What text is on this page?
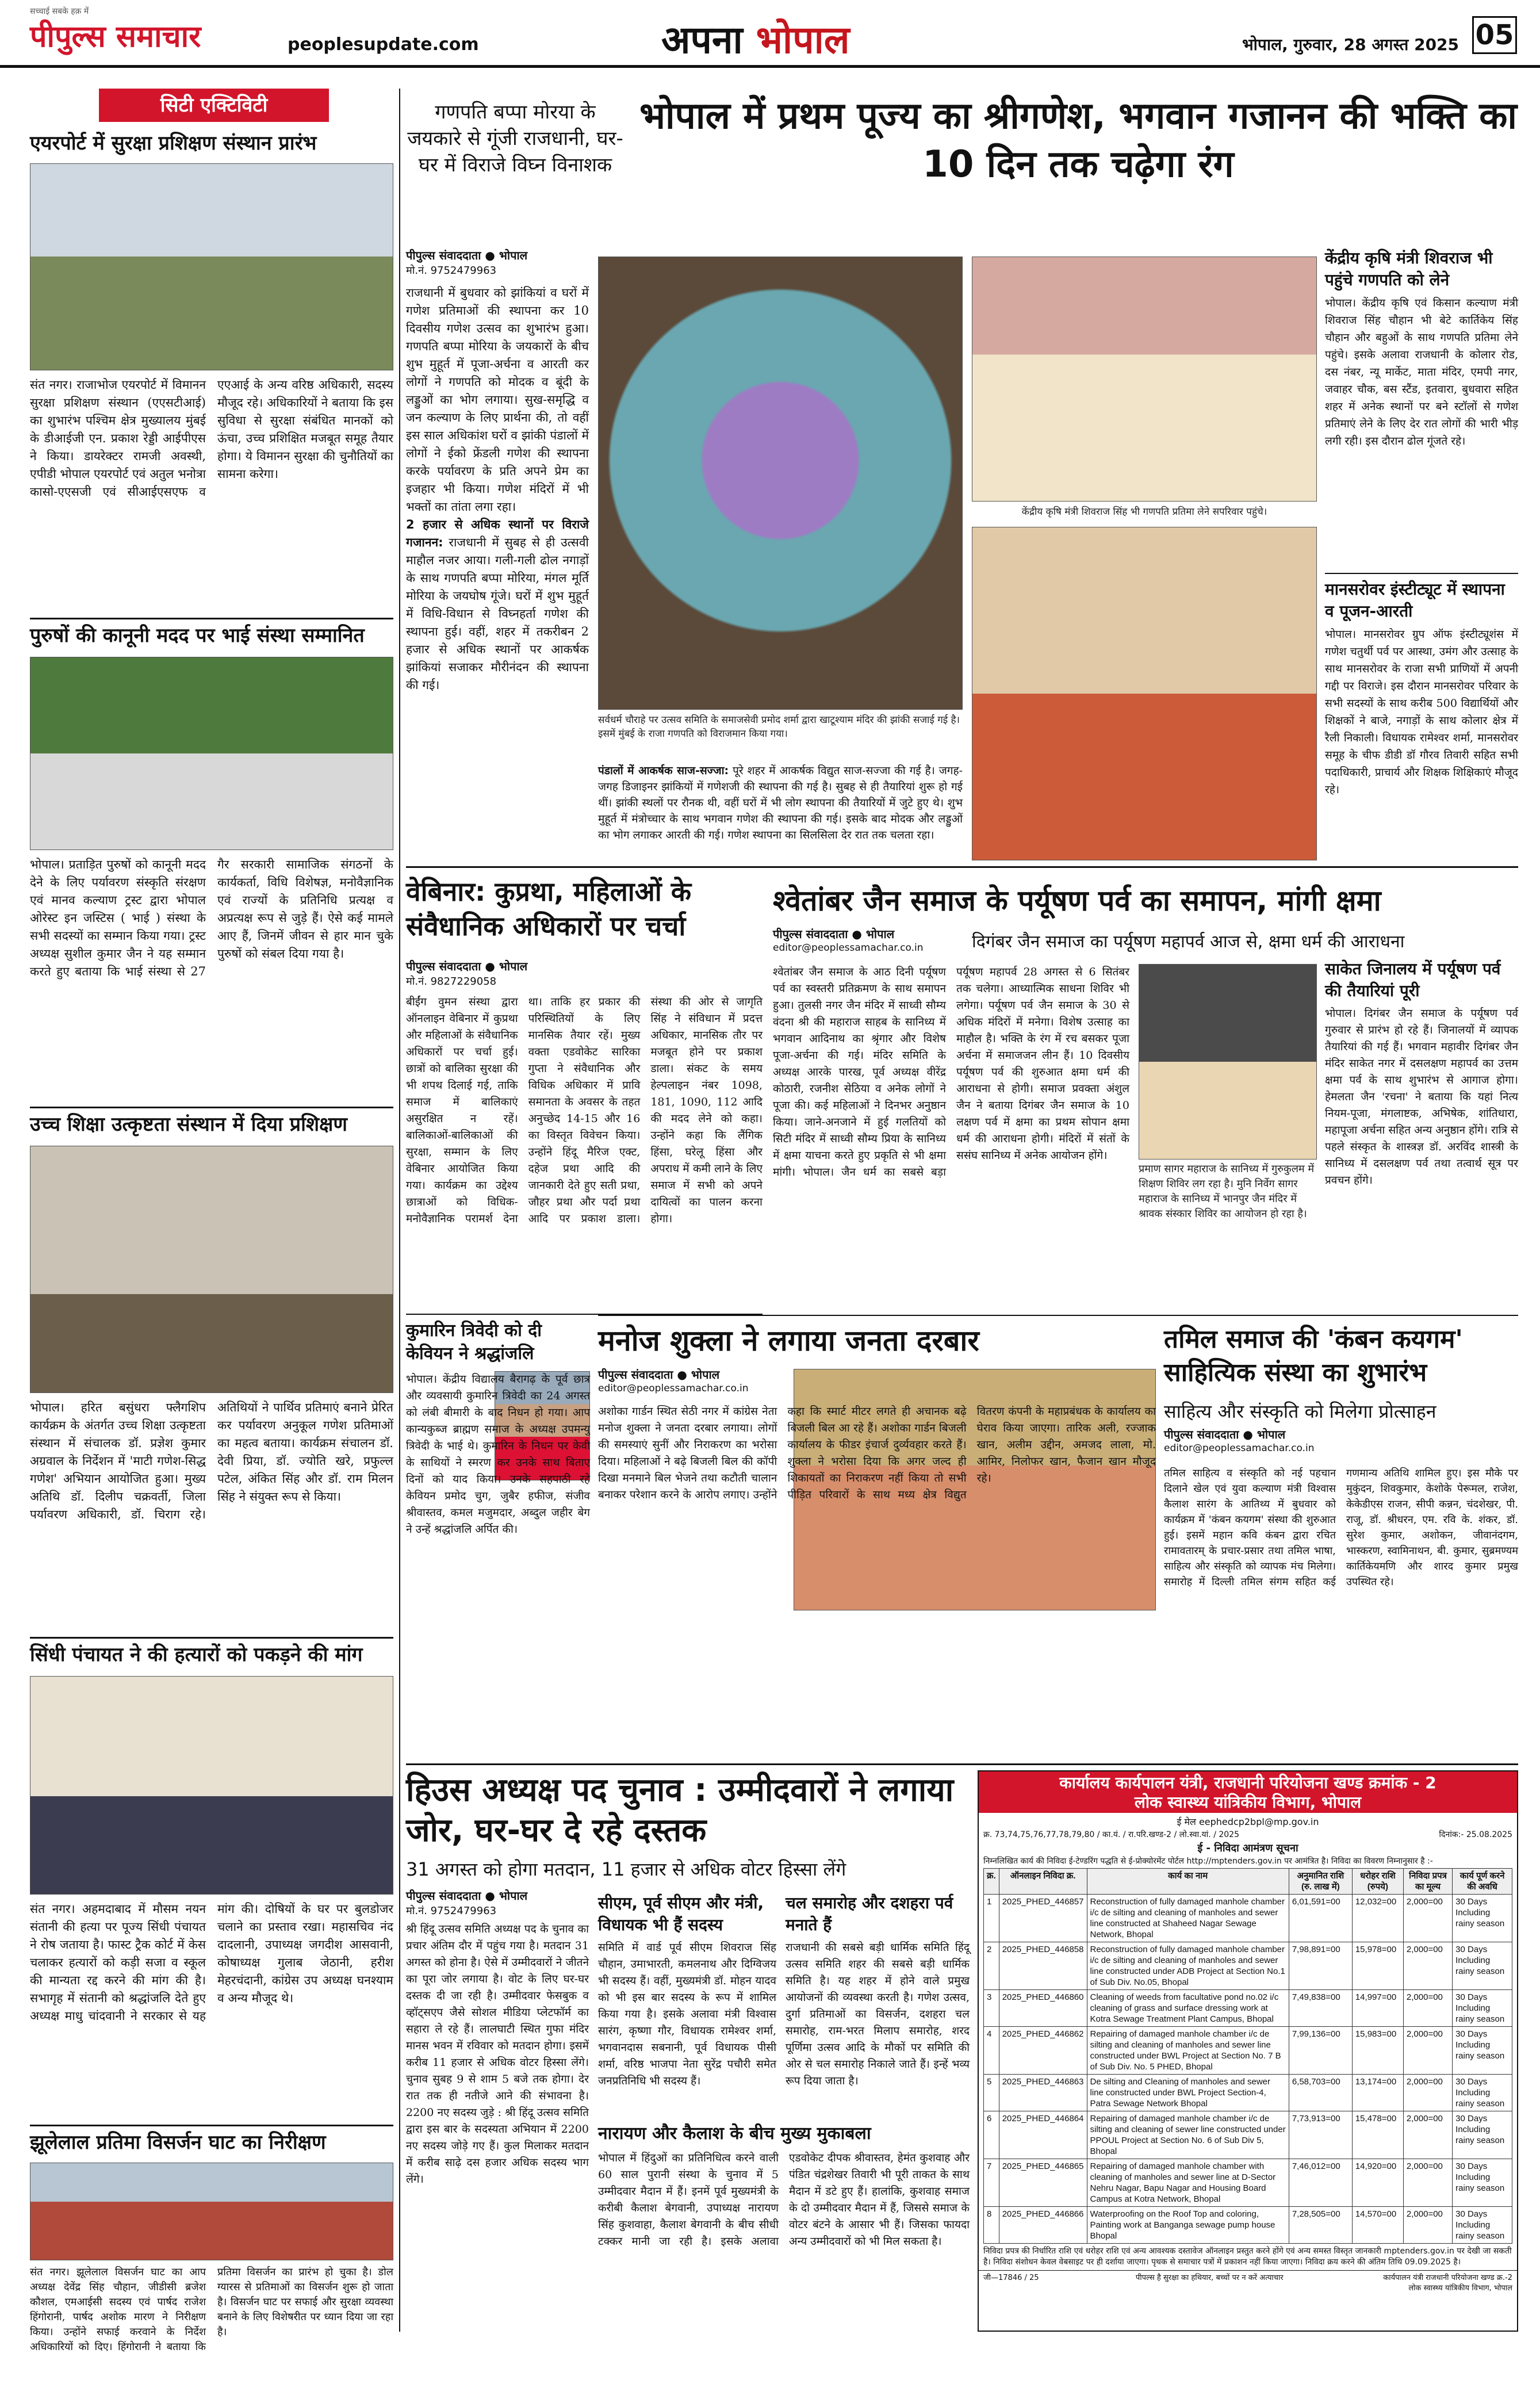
पीपुल्स समाचार
सच्चाई सबके हक़ में
peoplesupdate.com	अपना भोपाल	भोपाल, गुरुवार, 28 अगस्त 2025 05
सिटी एक्टिविटी
एयरपोर्ट में सुरक्षा प्रशिक्षण संस्थान प्रारंभ
संत नगर। राजाभोज एयरपोर्ट में विमानन सुरक्षा प्रशिक्षण संस्थान (एएसटीआई) का शुभारंभ पश्चिम क्षेत्र मुख्यालय मुंबई के डीआईजी एन. प्रकाश रेड्डी आईपीएस ने किया। डायरेक्टर रामजी अवस्थी, एपीडी भोपाल एयरपोर्ट एवं अतुल भनोत्रा कासो-एएसजी एवं सीआईएसएफ व एएआई के अन्य वरिष्ठ अधिकारी, सदस्य मौजूद रहे। अधिकारियों ने बताया कि इस सुविधा से सुरक्षा संबंधित मानकों को ऊंचा, उच्च प्रशिक्षित मजबूत समूह तैयार होगा। ये विमानन सुरक्षा की चुनौतियों का सामना करेगा।
पुरुषों की कानूनी मदद पर भाई संस्था सम्मानित
भोपाल। प्रताड़ित पुरुषों को कानूनी मदद देने के लिए पर्यावरण संस्कृति संरक्षण एवं मानव कल्याण ट्रस्ट द्वारा भोपाल ओरेस्ट इन जस्टिस ( भाई ) संस्था के सभी सदस्यों का सम्मान किया गया। ट्रस्ट अध्यक्ष सुशील कुमार जैन ने यह सम्मान करते हुए बताया कि भाई संस्था से 27 गैर सरकारी सामाजिक संगठनों के कार्यकर्ता, विधि विशेषज्ञ, मनोवैज्ञानिक एवं राज्यों के प्रतिनिधि प्रत्यक्ष व अप्रत्यक्ष रूप से जुड़े हैं। ऐसे कई मामले आए हैं, जिनमें जीवन से हार मान चुके पुरुषों को संबल दिया गया है।
उच्च शिक्षा उत्कृष्टता संस्थान में दिया प्रशिक्षण
भोपाल। हरित बसुंधरा फ्लैगशिप कार्यक्रम के अंतर्गत उच्च शिक्षा उत्कृष्टता संस्थान में संचालक डॉ. प्रज्ञेश कुमार अग्रवाल के निर्देशन में 'माटी गणेश-सिद्ध गणेश' अभियान आयोजित हुआ। मुख्य अतिथि डॉ. दिलीप चक्रवर्ती, जिला पर्यावरण अधिकारी, डॉ. चिराग रहे। अतिथियों ने पार्थिव प्रतिमाएं बनाने प्रेरित कर पर्यावरण अनुकूल गणेश प्रतिमाओं का महत्व बताया। कार्यक्रम संचालन डॉ. देवी प्रिया, डॉ. ज्योति खरे, प्रफुल्ल पटेल, अंकित सिंह और डॉ. राम मिलन सिंह ने संयुक्त रूप से किया।
सिंधी पंचायत ने की हत्यारों को पकड़ने की मांग
संत नगर। अहमदाबाद में मौसम नयन संतानी की हत्या पर पूज्य सिंधी पंचायत ने रोष जताया है। फास्ट ट्रैक कोर्ट में केस चलाकर हत्यारों को कड़ी सजा व स्कूल की मान्यता रद्द करने की मांग की है। सभागृह में संतानी को श्रद्धांजलि देते हुए अध्यक्ष माधु चांदवानी ने सरकार से यह मांग की। दोषियों के घर पर बुलडोजर चलाने का प्रस्ताव रखा। महासचिव नंद दादलानी, उपाध्यक्ष जगदीश आसवानी, कोषाध्यक्ष गुलाब जेठानी, हरीश मेहरचंदानी, कांग्रेस उप अध्यक्ष घनश्याम व अन्य मौजूद थे।
झूलेलाल प्रतिमा विसर्जन घाट का निरीक्षण
संत नगर। झूलेलाल विसर्जन घाट का आप अध्यक्ष देवेंद्र सिंह चौहान, जीडीसी ब्रजेश कौशल, एमआईसी सदस्य एवं पार्षद राजेश हिंगोरानी, पार्षद अशोक मारण ने निरीक्षण किया। उन्होंने सफाई करवाने के निर्देश अधिकारियों को दिए। हिंगोरानी ने बताया कि प्रतिमा विसर्जन का प्रारंभ हो चुका है। डोल ग्यारस से प्रतिमाओं का विसर्जन शुरू हो जाता है। विसर्जन घाट पर सफाई और सुरक्षा व्यवस्था बनाने के लिए विशेषरीत पर ध्यान दिया जा रहा है।
गणपति बप्पा मोरया के जयकारे से गूंजी राजधानी, घर-घर में विराजे विघ्न विनाशक
भोपाल में प्रथम पूज्य का श्रीगणेश, भगवान गजानन की भक्ति का 10 दिन तक चढ़ेगा रंग
पीपुल्स संवाददाता ● भोपाल
मो.नं. 9752479963
राजधानी में बुधवार को झांकियां व घरों में गणेश प्रतिमाओं की स्थापना कर 10 दिवसीय गणेश उत्सव का शुभारंभ हुआ। गणपति बप्पा मोरिया के जयकारों के बीच शुभ मुहूर्त में पूजा-अर्चना व आरती कर लोगों ने गणपति को मोदक व बूंदी के लड्डुओं का भोग लगाया। सुख-समृद्धि व जन कल्याण के लिए प्रार्थना की, तो वहीं इस साल अधिकांश घरों व झांकी पंडालों में लोगों ने ईको फ्रेंडली गणेश की स्थापना करके पर्यावरण के प्रति अपने प्रेम का इजहार भी किया। गणेश मंदिरों में भी भक्तों का तांता लगा रहा।
2 हजार से अधिक स्थानों पर विराजे गजानन: राजधानी में सुबह से ही उत्सवी माहौल नजर आया। गली-गली ढोल नगाड़ों के साथ गणपति बप्पा मोरिया, मंगल मूर्ति मोरिया के जयघोष गूंजे। घरों में शुभ मुहूर्त में विधि-विधान से विघ्नहर्ता गणेश की स्थापना हुई। वहीं, शहर में तकरीबन 2 हजार से अधिक स्थानों पर आकर्षक झांकियां सजाकर मौरीनंदन की स्थापना की गई।
सर्वधर्म चौराहे पर उत्सव समिति के समाजसेवी प्रमोद शर्मा द्वारा खाटूश्याम मंदिर की झांकी सजाई गई है। इसमें मुंबई के राजा गणपति को विराजमान किया गया।
पंडालों में आकर्षक साज-सज्जा: पूरे शहर में आकर्षक विद्युत साज-सज्जा की गई है। जगह-जगह डिजाइनर झांकियों में गणेशजी की स्थापना की गई है। सुबह से ही तैयारियां शुरू हो गई थीं। झांकी स्थलों पर रौनक थी, वहीं घरों में भी लोग स्थापना की तैयारियों में जुटे हुए थे। शुभ मुहूर्त में मंत्रोच्चार के साथ भगवान गणेश की स्थापना की गई। इसके बाद मोदक और लड्डुओं का भोग लगाकर आरती की गई। गणेश स्थापना का सिलसिला देर रात तक चलता रहा।
केंद्रीय कृषि मंत्री शिवराज सिंह भी गणपति प्रतिमा लेने सपरिवार पहुंचे।
केंद्रीय कृषि मंत्री शिवराज भी पहुंचे गणपति को लेने
भोपाल। केंद्रीय कृषि एवं किसान कल्याण मंत्री शिवराज सिंह चौहान भी बेटे कार्तिकेय सिंह चौहान और बहुओं के साथ गणपति प्रतिमा लेने पहुंचे। इसके अलावा राजधानी के कोलार रोड, दस नंबर, न्यू मार्केट, माता मंदिर, एमपी नगर, जवाहर चौक, बस स्टैंड, इतवारा, बुधवारा सहित शहर में अनेक स्थानों पर बने स्टॉलों से गणेश प्रतिमाएं लेने के लिए देर रात लोगों की भारी भीड़ लगी रही। इस दौरान ढोल गूंजते रहे।
मानसरोवर इंस्टीट्यूट में स्थापना व पूजन-आरती
भोपाल। मानसरोवर ग्रुप ऑफ इंस्टीट्यूशंस में गणेश चतुर्थी पर्व पर आस्था, उमंग और उत्साह के साथ मानसरोवर के राजा सभी प्राणियों में अपनी गद्दी पर विराजे। इस दौरान मानसरोवर परिवार के सभी सदस्यों के साथ करीब 500 विद्यार्थियों और शिक्षकों ने बाजे, नगाड़ों के साथ कोलार क्षेत्र में रैली निकाली। विधायक रामेश्वर शर्मा, मानसरोवर समूह के चीफ डीडी डॉ गौरव तिवारी सहित सभी पदाधिकारी, प्राचार्य और शिक्षक शिक्षिकाएं मौजूद रहे।
वेबिनार: कुप्रथा, महिलाओं के संवैधानिक अधिकारों पर चर्चा
पीपुल्स संवाददाता ● भोपाल
मो.नं. 9827229058
बीईंग वुमन संस्था द्वारा ऑनलाइन वेबिनार में कुप्रथा और महिलाओं के संवैधानिक अधिकारों पर चर्चा हुई। छात्रों को बालिका सुरक्षा की भी शपथ दिलाई गई, ताकि समाज में बालिकाएं असुरक्षित न रहें। बालिकाओं-बालिकाओं की सुरक्षा, सम्मान के लिए वेबिनार आयोजित किया गया। कार्यक्रम का उद्देश्य छात्राओं को विधिक-मनोवैज्ञानिक परामर्श देना था। ताकि हर प्रकार की परिस्थितियों के लिए मानसिक तैयार रहें। मुख्य वक्ता एडवोकेट सारिका गुप्ता ने संवैधानिक और विधिक अधिकार में प्रावि समानता के अवसर के तहत अनुच्छेद 14-15 और 16 का विस्तृत विवेचन किया। उन्होंने हिंदू मैरिज एक्ट, दहेज प्रथा आदि की जानकारी देते हुए सती प्रथा, जौहर प्रथा और पर्दा प्रथा आदि पर प्रकाश डाला। संस्था की ओर से जागृति सिंह ने संविधान में प्रदत्त अधिकार, मानसिक तौर पर मजबूत होने पर प्रकाश डाला। संकट के समय हेल्पलाइन नंबर 1098, 181, 1090, 112 आदि की मदद लेने को कहा। उन्होंने कहा कि लैंगिक हिंसा, घरेलू हिंसा और अपराध में कमी लाने के लिए समाज में सभी को अपने दायित्वों का पालन करना होगा।
कुमारिन त्रिवेदी को दी केवियन ने श्रद्धांजलि
भोपाल। केंद्रीय विद्यालय बैरागढ़ के पूर्व छात्र और व्यवसायी कुमारिन त्रिवेदी का 24 अगस्त को लंबी बीमारी के बाद निधन हो गया। आप कान्यकुब्ज ब्राह्मण समाज के अध्यक्ष उपमन्यु त्रिवेदी के भाई थे। कुमारिन के निधन पर केवी के साथियों ने स्मरण कर उनके साथ बिताए दिनों को याद किया। उनके सहपाठी रहे केवियन प्रमोद चुग, जुबैर हफीज, संजीव श्रीवास्तव, कमल मजुमदार, अब्दुल जहीर बेग ने उन्हें श्रद्धांजलि अर्पित की।
मनोज शुक्ला ने लगाया जनता दरबार
पीपुल्स संवाददाता ● भोपाल
editor@peoplessamachar.co.in
अशोका गार्डन स्थित सेठी नगर में कांग्रेस नेता मनोज शुक्ला ने जनता दरबार लगाया। लोगों की समस्याएं सुनीं और निराकरण का भरोसा दिया। महिलाओं ने बढ़े बिजली बिल की कॉपी दिखा मनमाने बिल भेजने तथा कटौती चालान बनाकर परेशान करने के आरोप लगाए। उन्होंने कहा कि स्मार्ट मीटर लगते ही अचानक बढ़े बिजली बिल आ रहे हैं। अशोका गार्डन बिजली कार्यालय के फीडर इंचार्ज दुर्व्यवहार करते हैं। शुक्ला ने भरोसा दिया कि अगर जल्द ही शिकायतों का निराकरण नहीं किया तो सभी पीड़ित परिवारों के साथ मध्य क्षेत्र विद्युत वितरण कंपनी के महाप्रबंधक के कार्यालय का घेराव किया जाएगा। तारिक अली, रज्जाक खान, अलीम उद्दीन, अमजद लाला, मो. आमिर, निलोफर खान, फैजान खान मौजूद रहे।
श्वेतांबर जैन समाज के पर्यूषण पर्व का समापन, मांगी क्षमा
पीपुल्स संवाददाता ● भोपाल
editor@peoplessamachar.co.in	दिगंबर जैन समाज का पर्यूषण महापर्व आज से, क्षमा धर्म की आराधना
श्वेतांबर जैन समाज के आठ दिनी पर्यूषण पर्व का स्वस्तरी प्रतिक्रमण के साथ समापन हुआ। तुलसी नगर जैन मंदिर में साध्वी सौम्य वंदना श्री की महाराज साहब के सानिध्य में भगवान आदिनाथ का श्रृंगार और विशेष पूजा-अर्चना की गई। मंदिर समिति के अध्यक्ष आरके पारख, पूर्व अध्यक्ष वीरेंद्र कोठारी, रजनीश सेठिया व अनेक लोगों ने पूजा की। कई महिलाओं ने दिनभर अनुष्ठान किया। जाने-अनजाने में हुई गलतियों को सिटी मंदिर में साध्वी सौम्य प्रिया के सानिध्य में क्षमा याचना करते हुए प्रकृति से भी क्षमा मांगी। भोपाल। जैन धर्म का सबसे बड़ा पर्यूषण महापर्व 28 अगस्त से 6 सितंबर तक चलेगा। आध्यात्मिक साधना शिविर भी लगेगा। पर्यूषण पर्व जैन समाज के 30 से अधिक मंदिरों में मनेगा। विशेष उत्साह का माहौल है। भक्ति के रंग में रच बसकर पूजा अर्चना में समाजजन लीन हैं। 10 दिवसीय पर्यूषण पर्व की शुरुआत क्षमा धर्म की आराधना से होगी। समाज प्रवक्ता अंशुल जैन ने बताया दिगंबर जैन समाज के 10 लक्षण पर्व में क्षमा का प्रथम सोपान क्षमा धर्म की आराधना होगी। मंदिरों में संतों के ससंघ सानिध्य में अनेक आयोजन होंगे।
प्रमाण सागर महाराज के सानिध्य में गुरुकुलम में शिक्षण शिविर लग रहा है। मुनि निर्वेग सागर महाराज के सानिध्य में भानपुर जैन मंदिर में श्रावक संस्कार शिविर का आयोजन हो रहा है।
साकेत जिनालय में पर्यूषण पर्व की तैयारियां पूरी
भोपाल। दिगंबर जैन समाज के पर्यूषण पर्व गुरुवार से प्रारंभ हो रहे हैं। जिनालयों में व्यापक तैयारियां की गई हैं। भगवान महावीर दिगंबर जैन मंदिर साकेत नगर में दसलक्षण महापर्व का उत्तम क्षमा पर्व के साथ शुभारंभ से आगाज होगा। हेमलता जैन 'रचना' ने बताया कि यहां नित्य नियम-पूजा, मंगलाष्टक, अभिषेक, शांतिधारा, महापूजा अर्चना सहित अन्य अनुष्ठान होंगे। रात्रि से पहले संस्कृत के शास्त्रज्ञ डॉ. अरविंद शास्त्री के सानिध्य में दसलक्षण पर्व तथा तत्वार्थ सूत्र पर प्रवचन होंगे।
तमिल समाज की 'कंबन कयगम' साहित्यिक संस्था का शुभारंभ
साहित्य और संस्कृति को मिलेगा प्रोत्साहन
पीपुल्स संवाददाता ● भोपाल
editor@peoplessamachar.co.in
तमिल साहित्य व संस्कृति को नई पहचान दिलाने खेल एवं युवा कल्याण मंत्री विश्वास कैलाश सारंग के आतिथ्य में बुधवार को कार्यक्रम में 'कंबन कयगम' संस्था की शुरुआत हुई। इसमें महान कवि कंबन द्वारा रचित रामावतारम् के प्रचार-प्रसार तथा तमिल भाषा, साहित्य और संस्कृति को व्यापक मंच मिलेगा। समारोह में दिल्ली तमिल संगम सहित कई गणमान्य अतिथि शामिल हुए। इस मौके पर मुकुंदन, शिवकुमार, केशोके पेरूमल, राजेश, केकेडीएस राजन, सीपी कन्नन, चंदशेखर, पी. राजू, डॉ. श्रीधरन, एम. रवि के. शंकर, डॉ. सुरेश कुमार, अशोकन, जीवानंदगम, भास्करण, स्वामिनाथन, बी. कुमार, सुब्रमण्यम कार्तिकेयमणि और शारद कुमार प्रमुख उपस्थित रहे।
हिउस अध्यक्ष पद चुनाव : उम्मीदवारों ने लगाया जोर, घर-घर दे रहे दस्तक
31 अगस्त को होगा मतदान, 11 हजार से अधिक वोटर हिस्सा लेंगे
पीपुल्स संवाददाता ● भोपाल
मो.नं. 9752479963
श्री हिंदू उत्सव समिति अध्यक्ष पद के चुनाव का प्रचार अंतिम दौर में पहुंच गया है। मतदान 31 अगस्त को होना है। ऐसे में उम्मीदवारों ने जीतने का पूरा जोर लगाया है। वोट के लिए घर-घर दस्तक दी जा रही है। उम्मीदवार फेसबुक व व्हॉट्सएप जैसे सोशल मीडिया प्लेटफॉर्म का सहारा ले रहे हैं। लालघाटी स्थित गुफा मंदिर मानस भवन में रविवार को मतदान होगा। इसमें करीब 11 हजार से अधिक वोटर हिस्सा लेंगे। चुनाव सुबह 9 से शाम 5 बजे तक होगा। देर रात तक ही नतीजे आने की संभावना है। 2200 नए सदस्य जुड़े : श्री हिंदू उत्सव समिति द्वारा इस बार के सदस्यता अभियान में 2200 नए सदस्य जोड़े गए हैं। कुल मिलाकर मतदान में करीब साढ़े दस हजार अधिक सदस्य भाग लेंगे।
सीएम, पूर्व सीएम और मंत्री, विधायक भी हैं सदस्य
समिति में वार्ड पूर्व सीएम शिवराज सिंह चौहान, उमाभारती, कमलनाथ और दिग्विजय भी सदस्य हैं। वहीं, मुख्यमंत्री डॉ. मोहन यादव को भी इस बार सदस्य के रूप में शामिल किया गया है। इसके अलावा मंत्री विश्वास सारंग, कृष्णा गौर, विधायक रामेश्वर शर्मा, भगवानदास सबनानी, पूर्व विधायक पीसी शर्मा, वरिष्ठ भाजपा नेता सुरेंद्र पचौरी समेत जनप्रतिनिधि भी सदस्य हैं।
चल समारोह और दशहरा पर्व मनाते हैं
राजधानी की सबसे बड़ी धार्मिक समिति हिंदू उत्सव समिति शहर की सबसे बड़ी धार्मिक समिति है। यह शहर में होने वाले प्रमुख आयोजनों की व्यवस्था करती है। गणेश उत्सव, दुर्गा प्रतिमाओं का विसर्जन, दशहरा चल समारोह, राम-भरत मिलाप समारोह, शरद पूर्णिमा उत्सव आदि के मौकों पर समिति की ओर से चल समारोह निकाले जाते हैं। इन्हें भव्य रूप दिया जाता है।
नारायण और कैलाश के बीच मुख्य मुकाबला
भोपाल में हिंदुओं का प्रतिनिधित्व करने वाली 60 साल पुरानी संस्था के चुनाव में 5 उम्मीदवार मैदान में हैं। इनमें पूर्व मुख्यमंत्री के करीबी कैलाश बेगवानी, उपाध्यक्ष नारायण सिंह कुशवाहा, कैलाश बेगवानी के बीच सीधी टक्कर मानी जा रही है। इसके अलावा एडवोकेट दीपक श्रीवास्तव, हेमंत कुशवाह और पंडित चंद्रशेखर तिवारी भी पूरी ताकत के साथ मैदान में डटे हुए हैं। हालांकि, कुशवाह समाज के दो उम्मीदवार मैदान में हैं, जिससे समाज के वोटर बंटने के आसार भी हैं। जिसका फायदा अन्य उम्मीदवारों को भी मिल सकता है।
कार्यालय कार्यपालन यंत्री, राजधानी परियोजना खण्ड क्रमांक - 2
लोक स्वास्थ्य यांत्रिकीय विभाग, भोपाल
ई मेल eephedcp2bpl@mp.gov.in
क्र. 73,74,75,76,77,78,79,80 / का.यं. / रा.परि.खण्ड-2 / लो.स्वा.यां. / 2025	दिनांक:- 25.08.2025
ई - निविदा आमंत्रण सूचना
निम्नलिखित कार्य की निविदा ई-टेण्डरिंग पद्धति से ई-प्रोक्योरमेंट पोर्टल http://mptenders.gov.in पर आमंत्रित है। निविदा का विवरण निम्नानुसार है :-
क्र.	ऑनलाइन निविदा क्र.	कार्य का नाम	अनुमानित राशि (रु. लाख में)	धरोहर राशि (रुपये)	निविदा प्रपत्र का मूल्य	कार्य पूर्ण करने की अवधि
1	2025_PHED_446857	Reconstruction of fully damaged manhole chamber i/c de silting and cleaning of manholes and sewer line constructed at Shaheed Nagar Sewage Network, Bhopal	6,01,591=00	12,032=00	2,000=00	30 Days Including rainy season
2	2025_PHED_446858	Reconstruction of fully damaged manhole chamber i/c de silting and cleaning of manholes and sewer line constructed under ADB Project at Section No.1 of Sub Div. No.05, Bhopal	7,98,891=00	15,978=00	2,000=00	30 Days Including rainy season
3	2025_PHED_446860	Cleaning of weeds from facultative pond no.02 i/c cleaning of grass and surface dressing work at Kotra Sewage Treatment Plant Campus, Bhopal	7,49,838=00	14,997=00	2,000=00	30 Days Including rainy season
4	2025_PHED_446862	Repairing of damaged manhole chamber i/c de silting and cleaning of manholes and sewer line constructed under BWL Project at Section No. 7 B of Sub Div. No. 5 PHED, Bhopal	7,99,136=00	15,983=00	2,000=00	30 Days Including rainy season
5	2025_PHED_446863	De silting and Cleaning of manholes and sewer line constructed under BWL Project Section-4, Patra Sewage Network Bhopal	6,58,703=00	13,174=00	2,000=00	30 Days Including rainy season
6	2025_PHED_446864	Repairing of damaged manhole chamber i/c de silting and cleaning of sewer line constructed under PPOUL Project at Section No. 6 of Sub Div 5, Bhopal	7,73,913=00	15,478=00	2,000=00	30 Days Including rainy season
7	2025_PHED_446865	Repairing of damaged manhole chamber with cleaning of manholes and sewer line at D-Sector Nehru Nagar, Bapu Nagar and Housing Board Campus at Kotra Network, Bhopal	7,46,012=00	14,920=00	2,000=00	30 Days Including rainy season
8	2025_PHED_446866	Waterproofing on the Roof Top and coloring, Painting work at Banganga sewage pump house Bhopal	7,28,505=00	14,570=00	2,000=00	30 Days Including rainy season
निविदा प्रपत्र की निर्धारित राशि एवं धरोहर राशि एवं अन्य आवश्यक दस्तावेज ऑनलाइन प्रस्तुत करने होंगे एवं अन्य समस्त विस्तृत जानकारी mptenders.gov.in पर देखी जा सकती है। निविदा संशोधन केवल वेबसाइट पर ही दर्शाया जाएगा। पृथक से समाचार पत्रों में प्रकाशन नहीं किया जाएगा। निविदा क्रय करने की अंतिम तिथि 09.09.2025 है।
जी—17846 / 25	पीपल्स है सुरक्षा का हथियार, बच्चों पर न करें अत्याचार	कार्यपालन यंत्री राजधानी परियोजना खण्ड क्र.-2 लोक स्वास्थ्य यांत्रिकीय विभाग, भोपाल
